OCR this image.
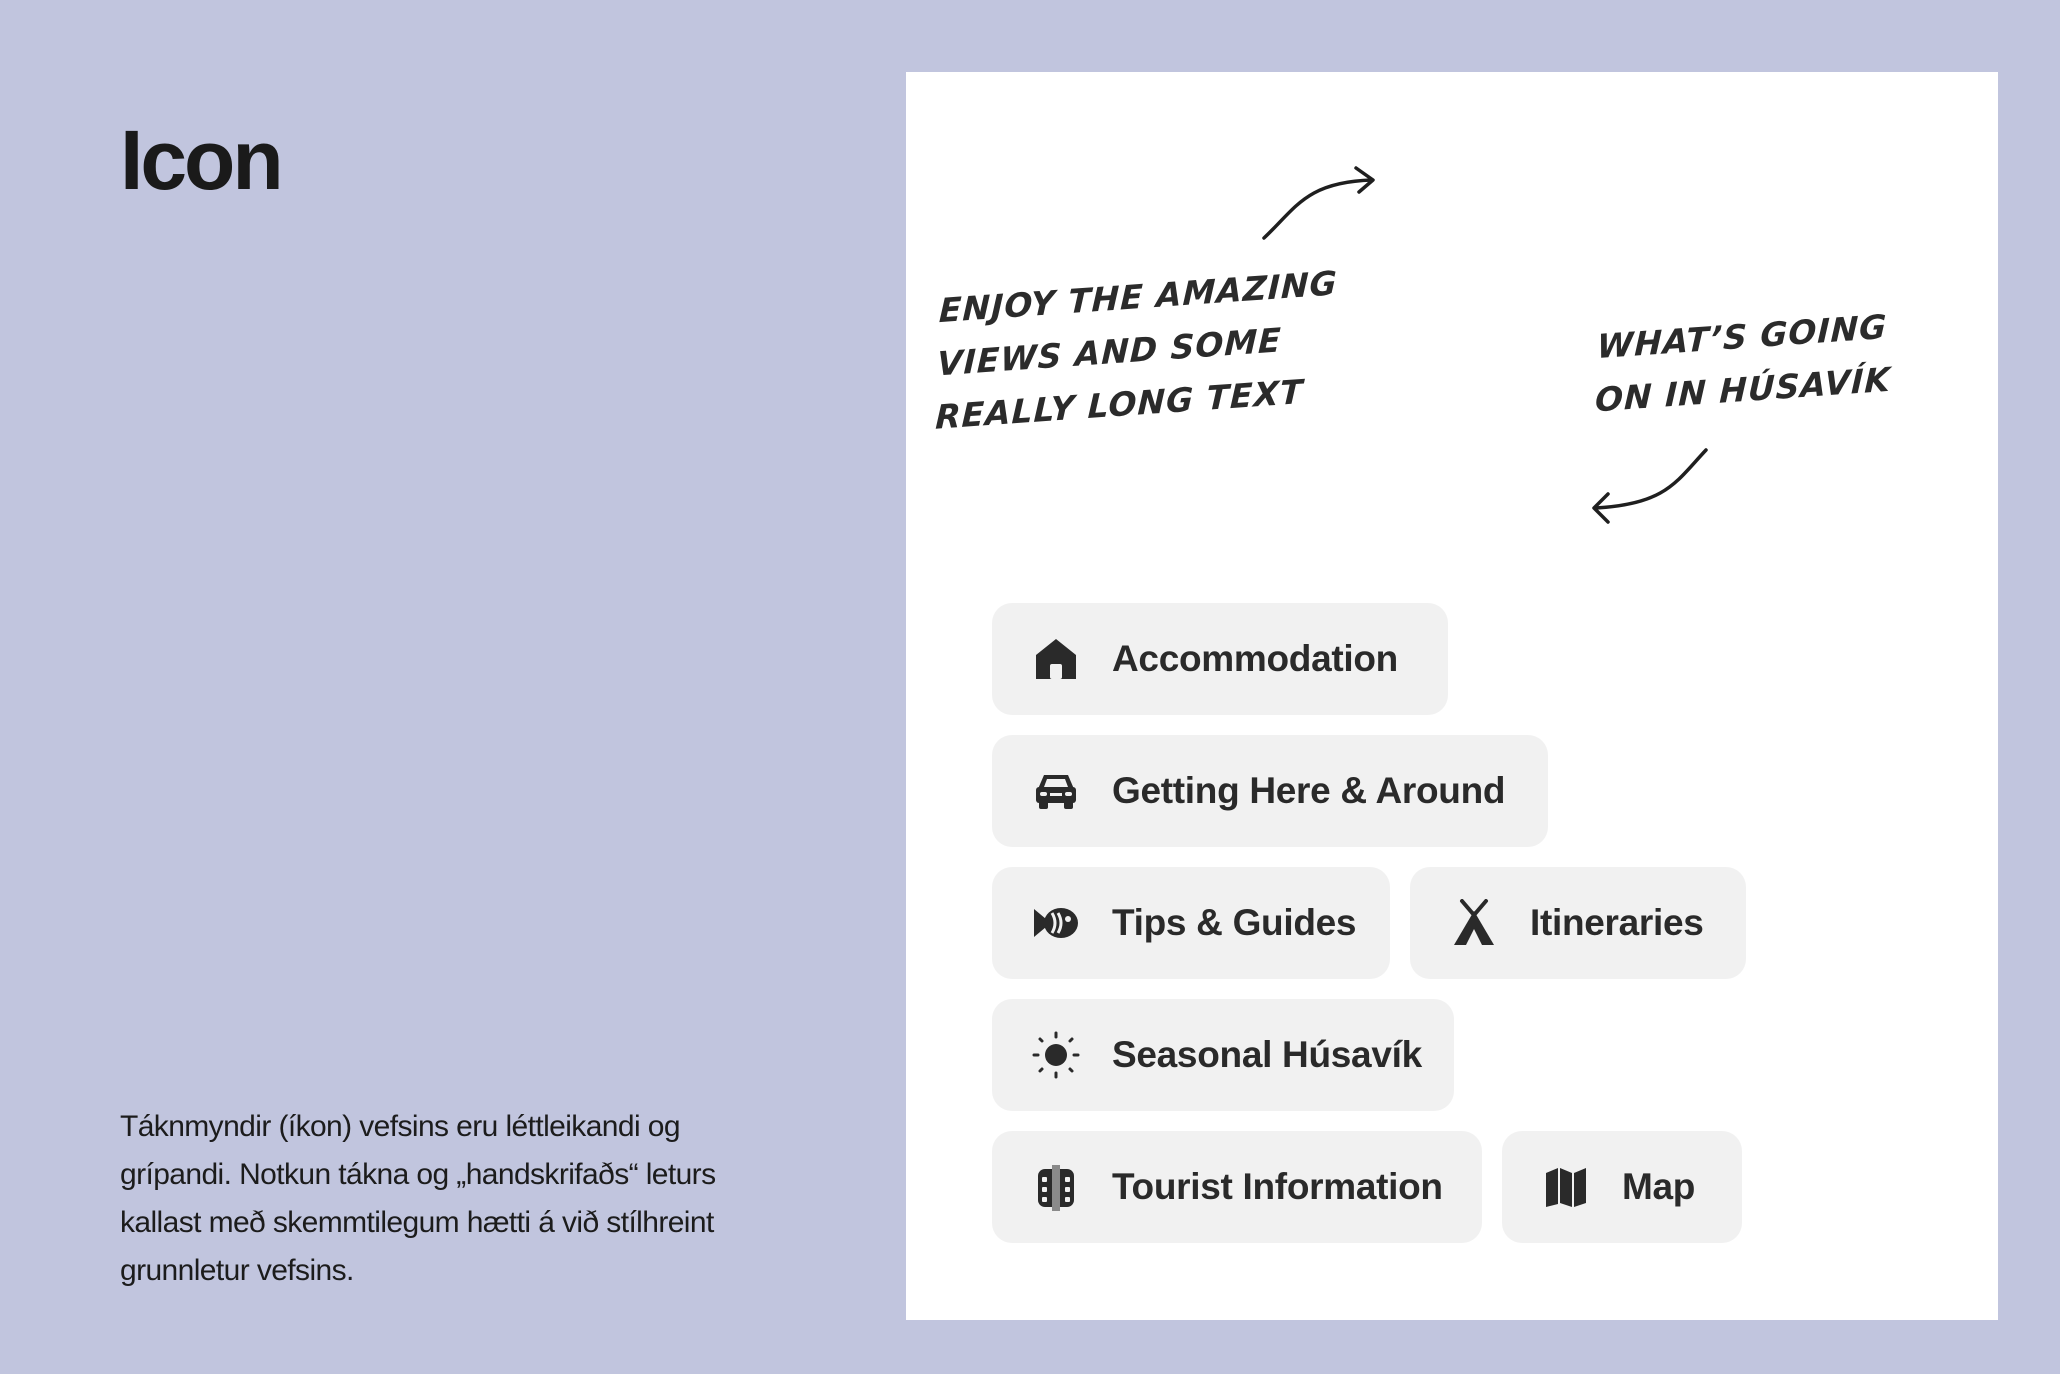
Icon

Táknmyndir (íkon) vefsins eru léttleikandi og grípandi. Notkun tákna og „handskrifaðs“ leturs kallast með skemmtilegum hætti á við stílhreint grunnletur vefsins.

ENJOY THE AMAZING VIEWS AND SOME REALLY LONG TEXT

WHAT’S GOING ON IN HÚSAVÍK

Accommodation
Getting Here & Around
Tips & Guides	Itineraries
Seasonal Húsavík
Tourist Information	Map
